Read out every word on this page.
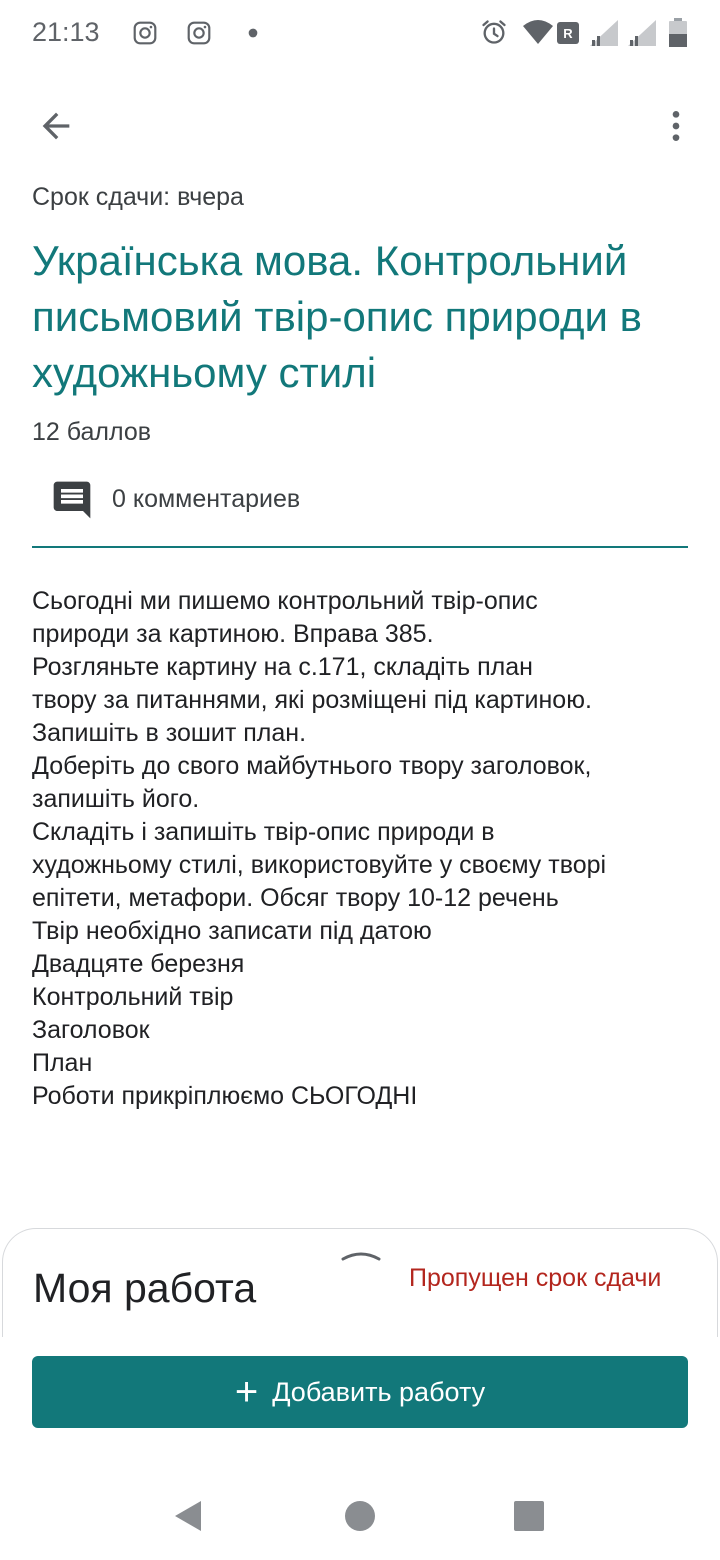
21:13	R
Срок сдачи: вчера
Українська мова. Контрольний письмовий твір-опис природи в художньому стилі
12 баллов
0 комментариев
Сьогодні ми пишемо контрольний твір-опис
природи за картиною. Вправа 385.
Розгляньте картину на с.171, складіть план
твору за питаннями, які розміщені під картиною.
Запишіть в зошит план.
Доберіть до свого майбутнього твору заголовок,
запишіть його.
Складіть і запишіть твір-опис природи в
художньому стилі, використовуйте у своєму творі
епітети, метафори. Обсяг твору 10-12 речень
Твір необхідно записати під датою
Двадцяте березня
Контрольний твір
Заголовок
План
Роботи прикріплюємо СЬОГОДНІ
Моя работа	Пропущен срок сдачи
+ Добавить работу
